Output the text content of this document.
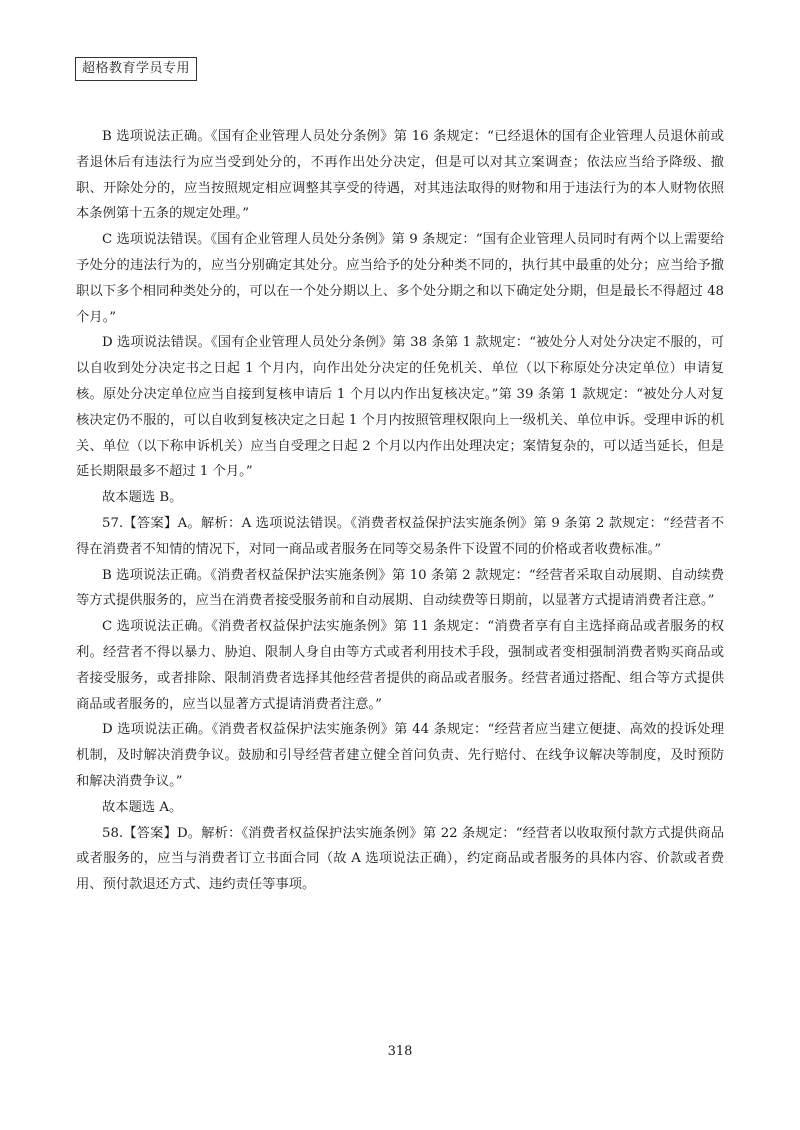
超格教育学员专用

B 选项说法正确。《国有企业管理人员处分条例》第 16 条规定：“已经退休的国有企业管理人员退休前或者退休后有违法行为应当受到处分的，不再作出处分决定，但是可以对其立案调查；依法应当给予降级、撤职、开除处分的，应当按照规定相应调整其享受的待遇，对其违法取得的财物和用于违法行为的本人财物依照本条例第十五条的规定处理。”

C 选项说法错误。《国有企业管理人员处分条例》第 9 条规定：“国有企业管理人员同时有两个以上需要给予处分的违法行为的，应当分别确定其处分。应当给予的处分种类不同的，执行其中最重的处分；应当给予撤职以下多个相同种类处分的，可以在一个处分期以上、多个处分期之和以下确定处分期，但是最长不得超过 48 个月。”

D 选项说法错误。《国有企业管理人员处分条例》第 38 条第 1 款规定：“被处分人对处分决定不服的，可以自收到处分决定书之日起 1 个月内，向作出处分决定的任免机关、单位（以下称原处分决定单位）申请复核。原处分决定单位应当自接到复核申请后 1 个月以内作出复核决定。”第 39 条第 1 款规定：“被处分人对复核决定仍不服的，可以自收到复核决定之日起 1 个月内按照管理权限向上一级机关、单位申诉。受理申诉的机关、单位（以下称申诉机关）应当自受理之日起 2 个月以内作出处理决定；案情复杂的，可以适当延长，但是延长期限最多不超过 1 个月。”

故本题选 B。

57.【答案】A。解析：A 选项说法错误。《消费者权益保护法实施条例》第 9 条第 2 款规定：“经营者不得在消费者不知情的情况下，对同一商品或者服务在同等交易条件下设置不同的价格或者收费标准。”

B 选项说法正确。《消费者权益保护法实施条例》第 10 条第 2 款规定：“经营者采取自动展期、自动续费等方式提供服务的，应当在消费者接受服务前和自动展期、自动续费等日期前，以显著方式提请消费者注意。”

C 选项说法正确。《消费者权益保护法实施条例》第 11 条规定：“消费者享有自主选择商品或者服务的权利。经营者不得以暴力、胁迫、限制人身自由等方式或者利用技术手段，强制或者变相强制消费者购买商品或者接受服务，或者排除、限制消费者选择其他经营者提供的商品或者服务。经营者通过搭配、组合等方式提供商品或者服务的，应当以显著方式提请消费者注意。”

D 选项说法正确。《消费者权益保护法实施条例》第 44 条规定：“经营者应当建立便捷、高效的投诉处理机制，及时解决消费争议。鼓励和引导经营者建立健全首问负责、先行赔付、在线争议解决等制度，及时预防和解决消费争议。”

故本题选 A。

58.【答案】D。解析：《消费者权益保护法实施条例》第 22 条规定：“经营者以收取预付款方式提供商品或者服务的，应当与消费者订立书面合同（故 A 选项说法正确），约定商品或者服务的具体内容、价款或者费用、预付款退还方式、违约责任等事项。

318
